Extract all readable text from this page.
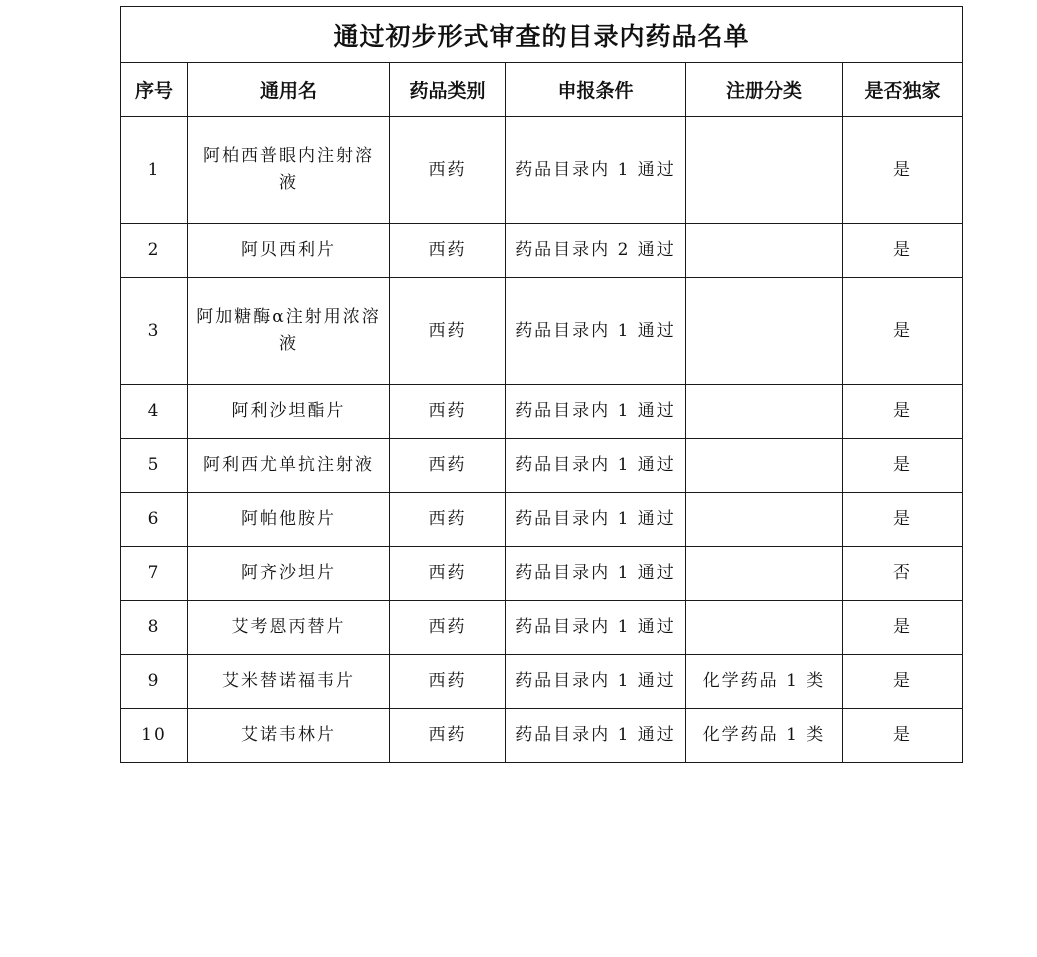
通过初步形式审查的目录内药品名单					
序号	通用名	药品类别	申报条件	注册分类	是否独家
1	阿柏西普眼内注射溶液	西药	药品目录内 1 通过		是
2	阿贝西利片	西药	药品目录内 2 通过		是
3	阿加糖酶α注射用浓溶液	西药	药品目录内 1 通过		是
4	阿利沙坦酯片	西药	药品目录内 1 通过		是
5	阿利西尤单抗注射液	西药	药品目录内 1 通过		是
6	阿帕他胺片	西药	药品目录内 1 通过		是
7	阿齐沙坦片	西药	药品目录内 1 通过		否
8	艾考恩丙替片	西药	药品目录内 1 通过		是
9	艾米替诺福韦片	西药	药品目录内 1 通过	化学药品 1 类	是
10	艾诺韦林片	西药	药品目录内 1 通过	化学药品 1 类	是
